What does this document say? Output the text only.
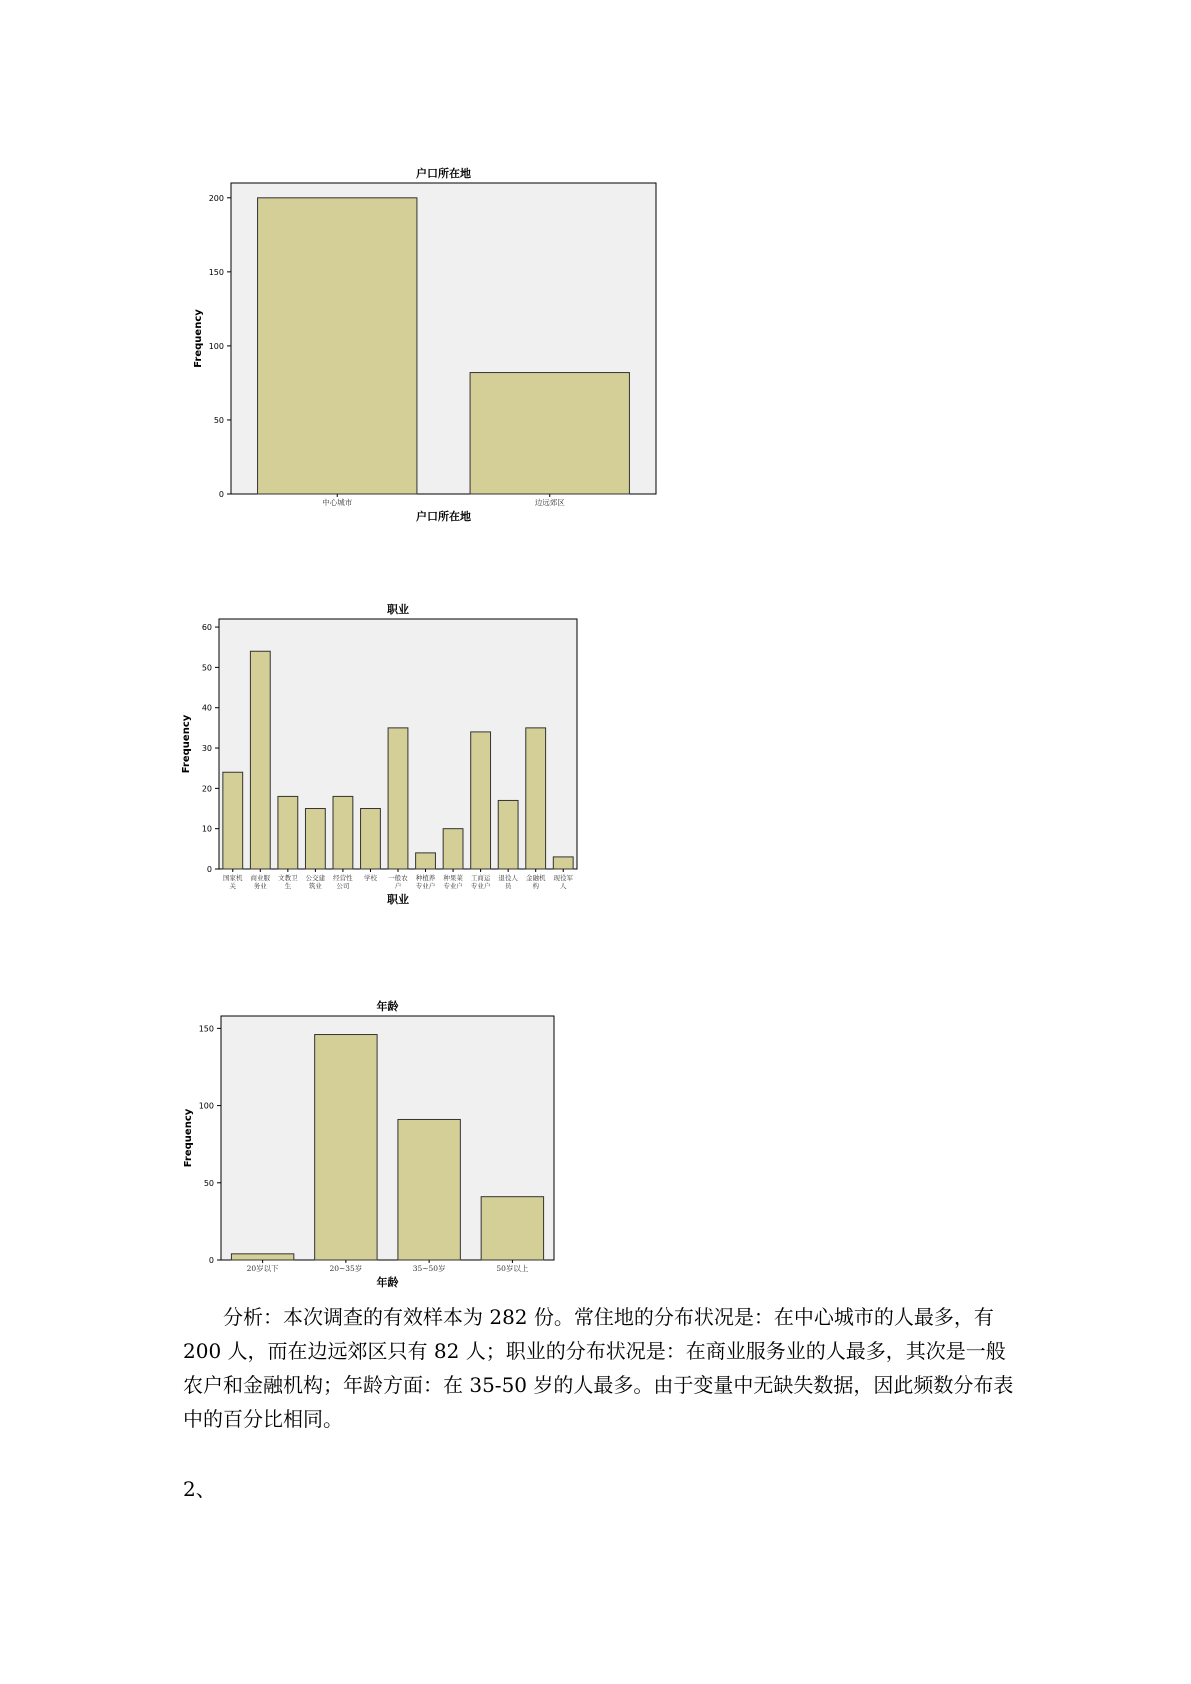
户口所在地
0
50
100
150
200
Frequency
中心城市	边远郊区
户口所在地
职业
0
10
20
30
40
50
60
Frequency
国家机
关
商业服
务业
文教卫
生
公交建
筑业
经营性
公司
学校 一般农
户
种植养
专业户
种果菜
专业户
工商运
专业户
退役人
员
金融机
构
现役军
人
职业
年龄
0
50
100
150
Frequency
20岁以下	20~35岁	35~50岁	50岁以上
年龄

分析：本次调查的有效样本为 282 份。常住地的分布状况是：在中心城市的人最多，有 200 人，而在边远郊区只有 82 人；职业的分布状况是：在商业服务业的人最多，其次是一般农户和金融机构；年龄方面：在 35-50 岁的人最多。由于变量中无缺失数据，因此频数分布表中的百分比相同。

2、
